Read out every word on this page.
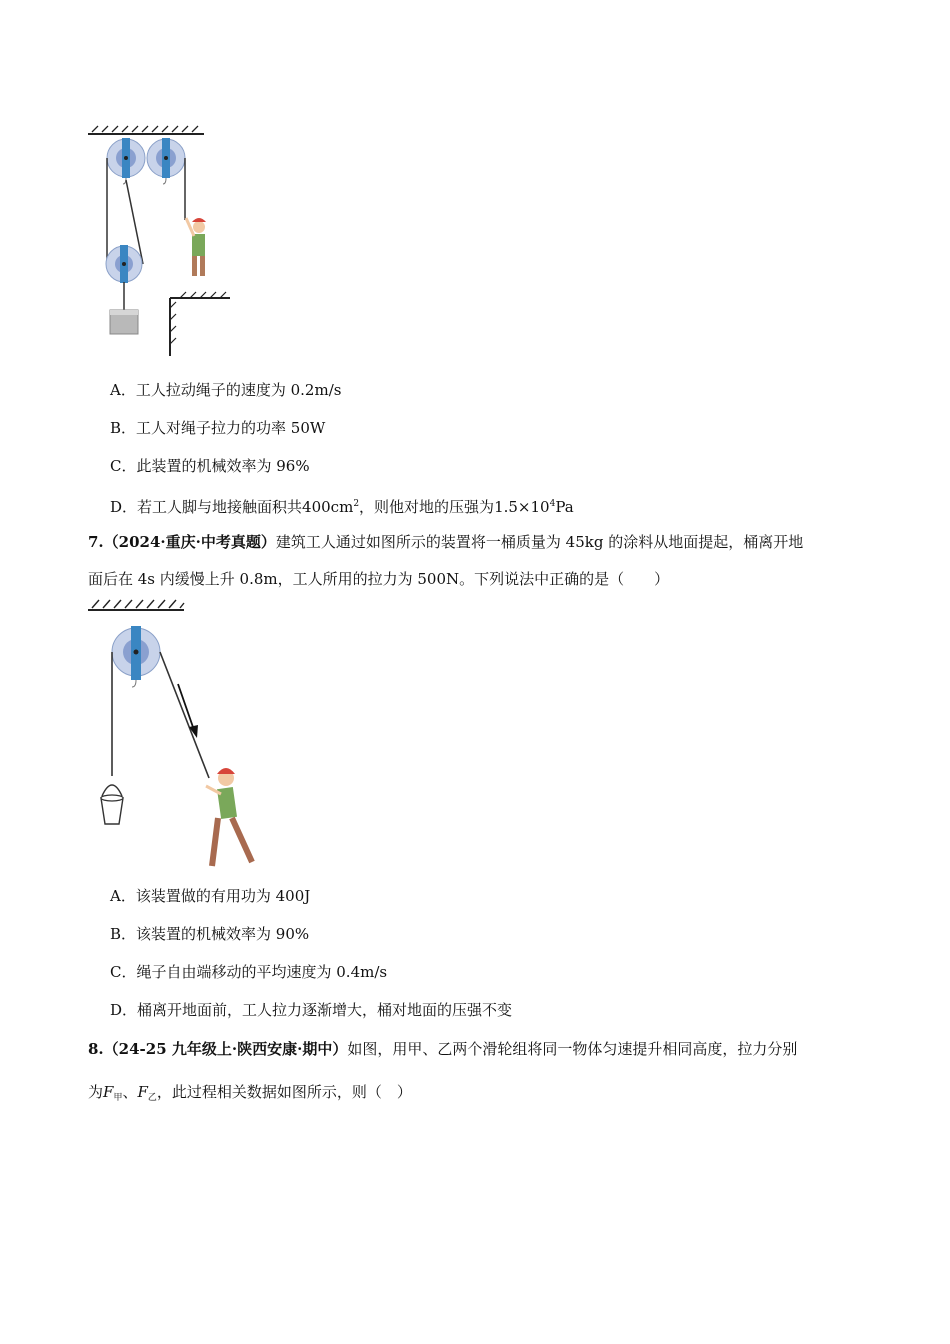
A．工人拉动绳子的速度为 0.2m/s
B．工人对绳子拉力的功率 50W
C．此装置的机械效率为 96%
D．若工人脚与地接触面积共$400cm^2$，则他对地的压强为$1.5\times 10^4Pa$
7.（2024·重庆·中考真题）建筑工人通过如图所示的装置将一桶质量为 45kg 的涂料从地面提起，桶离开地
面后在 4s 内缓慢上升 0.8m，工人所用的拉力为 500N。下列说法中正确的是（　　）
A．该装置做的有用功为 400J
B．该装置的机械效率为 90%
C．绳子自由端移动的平均速度为 0.4m/s
D．桶离开地面前，工人拉力逐渐增大，桶对地面的压强不变
8.（24-25 九年级上·陕西安康·期中）如图，用甲、乙两个滑轮组将同一物体匀速提升相同高度，拉力分别
为$F_甲$、$F_乙$，此过程相关数据如图所示，则（　）
